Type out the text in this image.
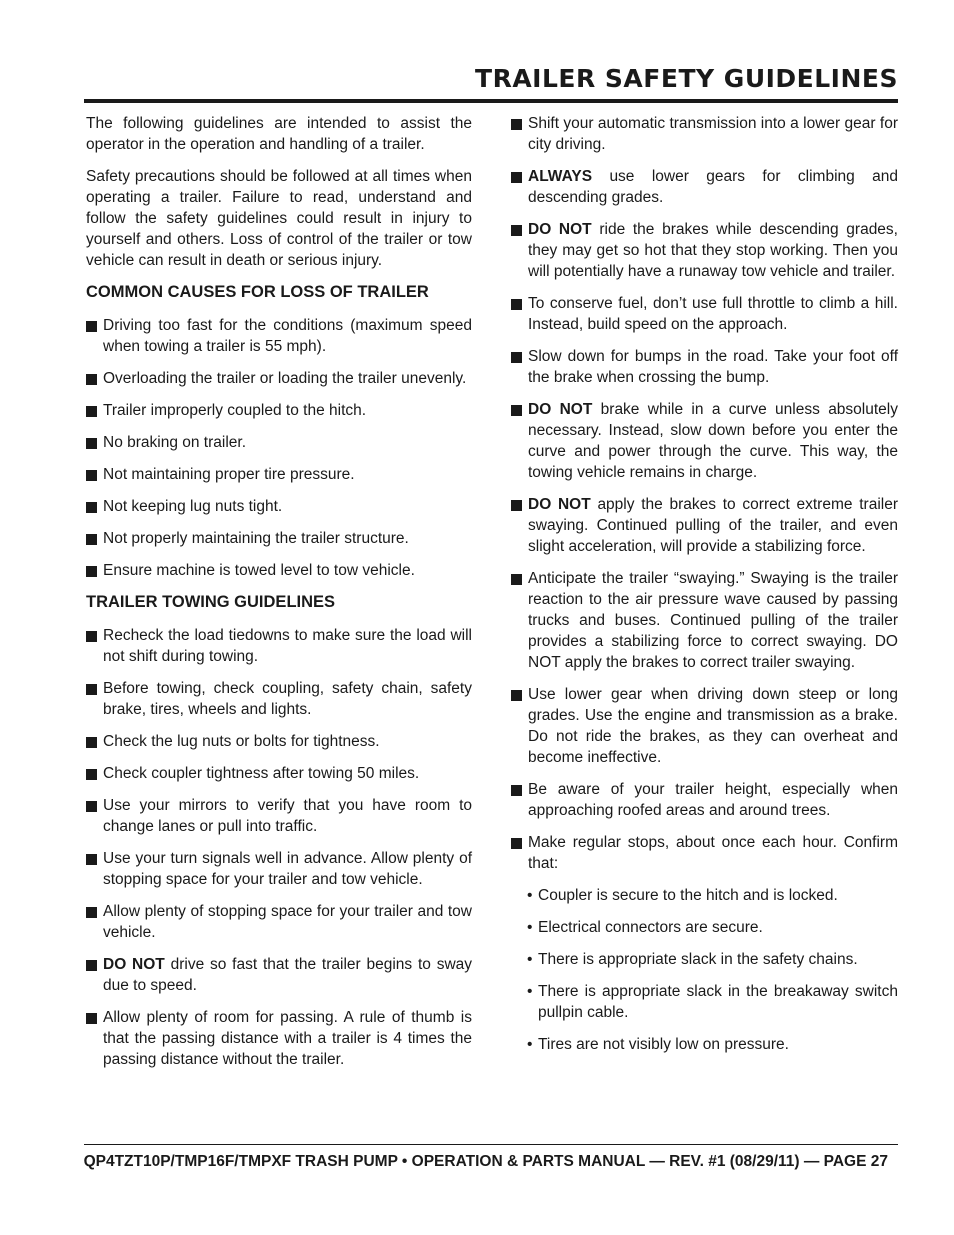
TRAILER SAFETY GUIDELINES

The following guidelines are intended to assist the operator in the operation and handling of a trailer.

Safety precautions should be followed at all times when operating a trailer. Failure to read, understand and follow the safety guidelines could result in injury to yourself and others. Loss of control of the trailer or tow vehicle can result in death or serious injury.

COMMON CAUSES FOR LOSS OF TRAILER
Driving too fast for the conditions (maximum speed when towing a trailer is 55 mph).
Overloading the trailer or loading the trailer unevenly.
Trailer improperly coupled to the hitch.
No braking on trailer.
Not maintaining proper tire pressure.
Not keeping lug nuts tight.
Not properly maintaining the trailer structure.
Ensure machine is towed level to tow vehicle.
TRAILER TOWING GUIDELINES
Recheck the load tiedowns to make sure the load will not shift during towing.
Before towing, check coupling, safety chain, safety brake, tires, wheels and lights.
Check the lug nuts or bolts for tightness.
Check coupler tightness after towing 50 miles.
Use your mirrors to verify that you have room to change lanes or pull into traffic.
Use your turn signals well in advance. Allow plenty of stopping space for your trailer and tow vehicle.
Allow plenty of stopping space for your trailer and tow vehicle.
DO NOT drive so fast that the trailer begins to sway due to speed.
Allow plenty of room for passing. A rule of thumb is that the passing distance with a trailer is 4 times the passing distance without the trailer.
Shift your automatic transmission into a lower gear for city driving.
ALWAYS use lower gears for climbing and descending grades.
DO NOT ride the brakes while descending grades, they may get so hot that they stop working. Then you will potentially have a runaway tow vehicle and trailer.
To conserve fuel, don’t use full throttle to climb a hill. Instead, build speed on the approach.
Slow down for bumps in the road. Take your foot off the brake when crossing the bump.
DO NOT brake while in a curve unless absolutely necessary. Instead, slow down before you enter the curve and power through the curve. This way, the towing vehicle remains in charge.
DO NOT apply the brakes to correct extreme trailer swaying. Continued pulling of the trailer, and even slight acceleration, will provide a stabilizing force.
Anticipate the trailer “swaying.” Swaying is the trailer reaction to the air pressure wave caused by passing trucks and buses. Continued pulling of the trailer provides a stabilizing force to correct swaying. DO NOT apply the brakes to correct trailer swaying.
Use lower gear when driving down steep or long grades. Use the engine and transmission as a brake. Do not ride the brakes, as they can overheat and become ineffective.
Be aware of your trailer height, especially when approaching roofed areas and around trees.
Make regular stops, about once each hour. Confirm that:
• Coupler is secure to the hitch and is locked.
• Electrical connectors are secure.
• There is appropriate slack in the safety chains.
• There is appropriate slack in the breakaway switch pullpin cable.
• Tires are not visibly low on pressure.
QP4TZT10P/TMP16F/TMPXF TRASH PUMP • OPERATION & PARTS MANUAL — REV. #1 (08/29/11) — PAGE 27
